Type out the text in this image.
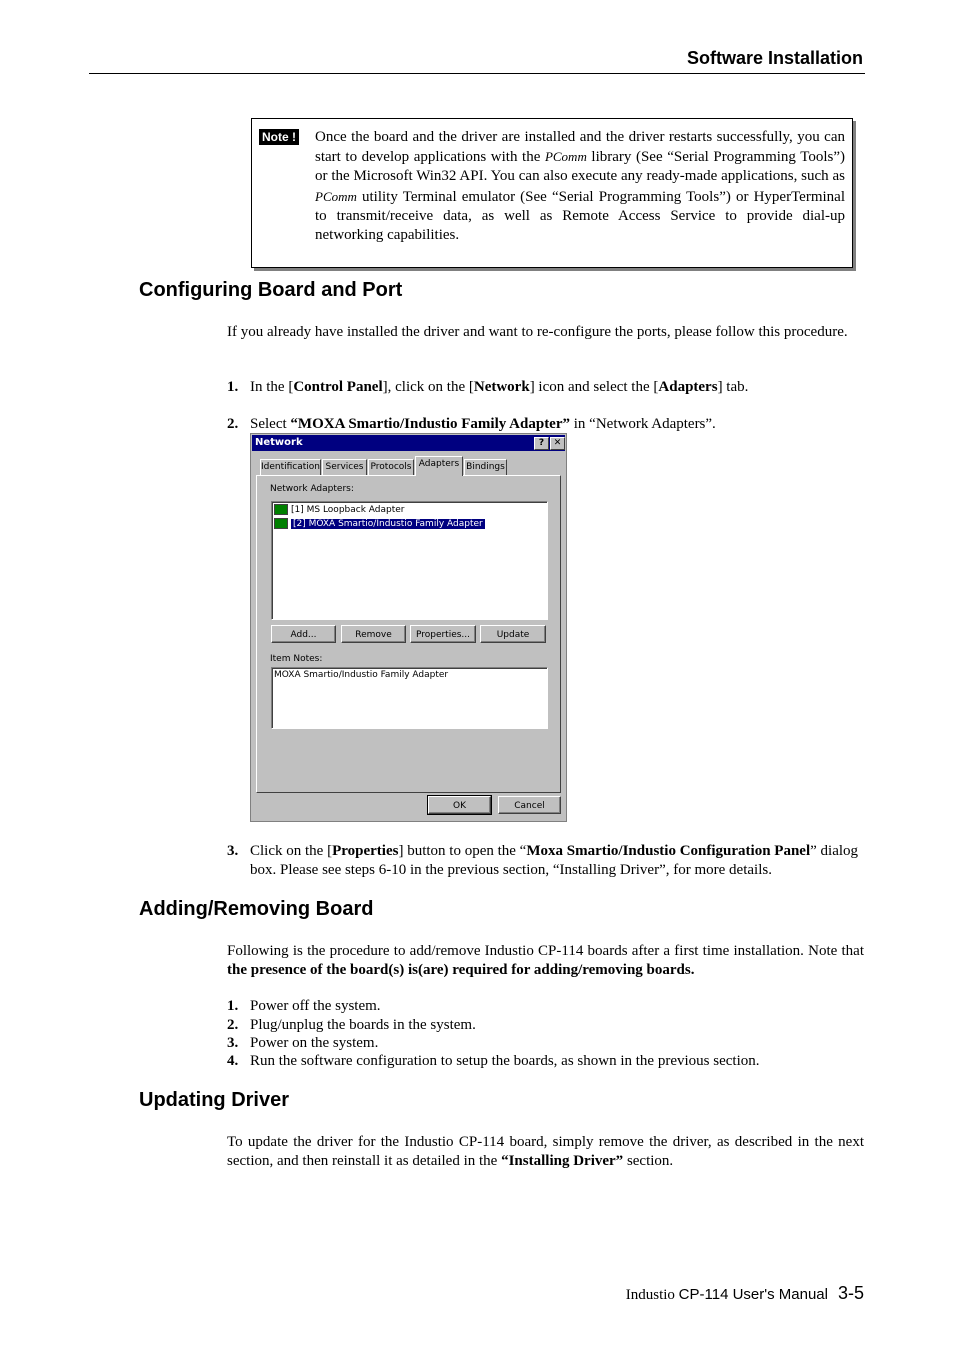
Software Installation
Note ! Once the board and the driver are installed and the driver restarts successfully, you can start to develop applications with the PComm library (See “Serial Programming Tools”) or the Microsoft Win32 API. You can also execute any ready-made applications, such as PComm utility Terminal emulator (See “Serial Programming Tools”) or HyperTerminal to transmit/receive data, as well as Remote Access Service to provide dial-up networking capabilities.
Configuring Board and Port
If you already have installed the driver and want to re-configure the ports, please follow this procedure.
1. In the [Control Panel], click on the [Network] icon and select the [Adapters] tab.
2. Select “MOXA Smartio/Industio Family Adapter” in “Network Adapters”.
Network	?	✕
Identification Services Protocols Adapters Bindings
Network Adapters:
[1] MS Loopback Adapter
[2] MOXA Smartio/Industio Family Adapter
Add...	Remove	Properties...	Update
Item Notes:
MOXA Smartio/Industio Family Adapter
OK	Cancel
3. Click on the [Properties] button to open the “Moxa Smartio/Industio Configuration Panel” dialog box. Please see steps 6-10 in the previous section, “Installing Driver”, for more details.
Adding/Removing Board
Following is the procedure to add/remove Industio CP-114 boards after a first time installation. Note that the presence of the board(s) is(are) required for adding/removing boards.
1. Power off the system.
2. Plug/unplug the boards in the system.
3. Power on the system.
4. Run the software configuration to setup the boards, as shown in the previous section.
Updating Driver
To update the driver for the Industio CP-114 board, simply remove the driver, as described in the next section, and then reinstall it as detailed in the “Installing Driver” section.
Industio CP-114 User's Manual 3-5
